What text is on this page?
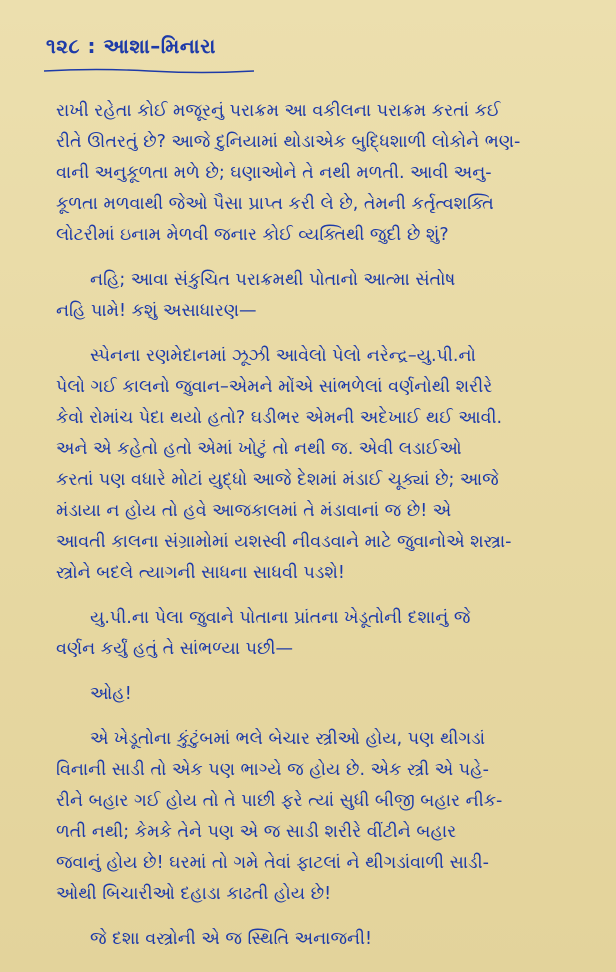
૧૨૮ : આશા–મિનારા
રાખી રહેતા કોઈ મજૂરનું પરાક્રમ આ વકીલના પરાક્રમ કરતાં કઈ
રીતે ઊતરતું છે? આજે દુનિયામાં થોડાએક બુદ્ધિશાળી લોકોને ભણ-
વાની અનુકૂળતા મળે છે; ઘણાઓને તે નથી મળતી. આવી અનુ-
કૂળતા મળવાથી જેઓ પૈસા પ્રાપ્ત કરી લે છે, તેમની કર્તૃત્વશક્તિ
લોટરીમાં ઇનામ મેળવી જનાર કોઈ વ્યક્તિથી જુદી છે શું?
નહિ; આવા સંકુચિત પરાક્રમથી પોતાનો આત્મા સંતોષ
નહિ પામે! કશું અસાધારણ—
સ્પેનના રણમેદાનમાં ઝૂઝી આવેલો પેલો નરેન્દ્ર–યુ.પી.નો
પેલો ગઈ કાલનો જુવાન–એમને મોંએ સાંભળેલાં વર્ણનોથી શરીરે
કેવો રોમાંચ પેદા થયો હતો? ઘડીભર એમની અદેખાઈ થઈ આવી.
અને એ કહેતો હતો એમાં ખોટું તો નથી જ. એવી લડાઈઓ
કરતાં પણ વધારે મોટાં યુદ્ધો આજે દેશમાં મંડાઈ ચૂક્યાં છે; આજે
મંડાયા ન હોય તો હવે આજકાલમાં તે મંડાવાનાં જ છે! એ
આવતી કાલના સંગ્રામોમાં યશસ્વી નીવડવાને માટે જુવાનોએ શસ્ત્રા-
સ્ત્રોને બદલે ત્યાગની સાધના સાધવી પડશે!
યુ.પી.ના પેલા જુવાને પોતાના પ્રાંતના ખેડૂતોની દશાનું જે
વર્ણન કર્યું હતું તે સાંભળ્યા પછી—
ઓહ!
એ ખેડૂતોના કુંટુંબમાં ભલે બેચાર સ્ત્રીઓ હોય, પણ થીગડાં
વિનાની સાડી તો એક પણ ભાગ્યે જ હોય છે. એક સ્ત્રી એ પહે-
રીને બહાર ગઈ હોય તો તે પાછી ફરે ત્યાં સુધી બીજી બહાર નીક-
ળતી નથી; કેમકે તેને પણ એ જ સાડી શરીરે વીંટીને બહાર
જવાનું હોય છે! ઘરમાં તો ગમે તેવાં ફાટલાં ને થીગડાંવાળી સાડી-
ઓથી બિચારીઓ દહાડા કાઢતી હોય છે!
જે દશા વસ્ત્રોની એ જ સ્થિતિ અનાજની!
